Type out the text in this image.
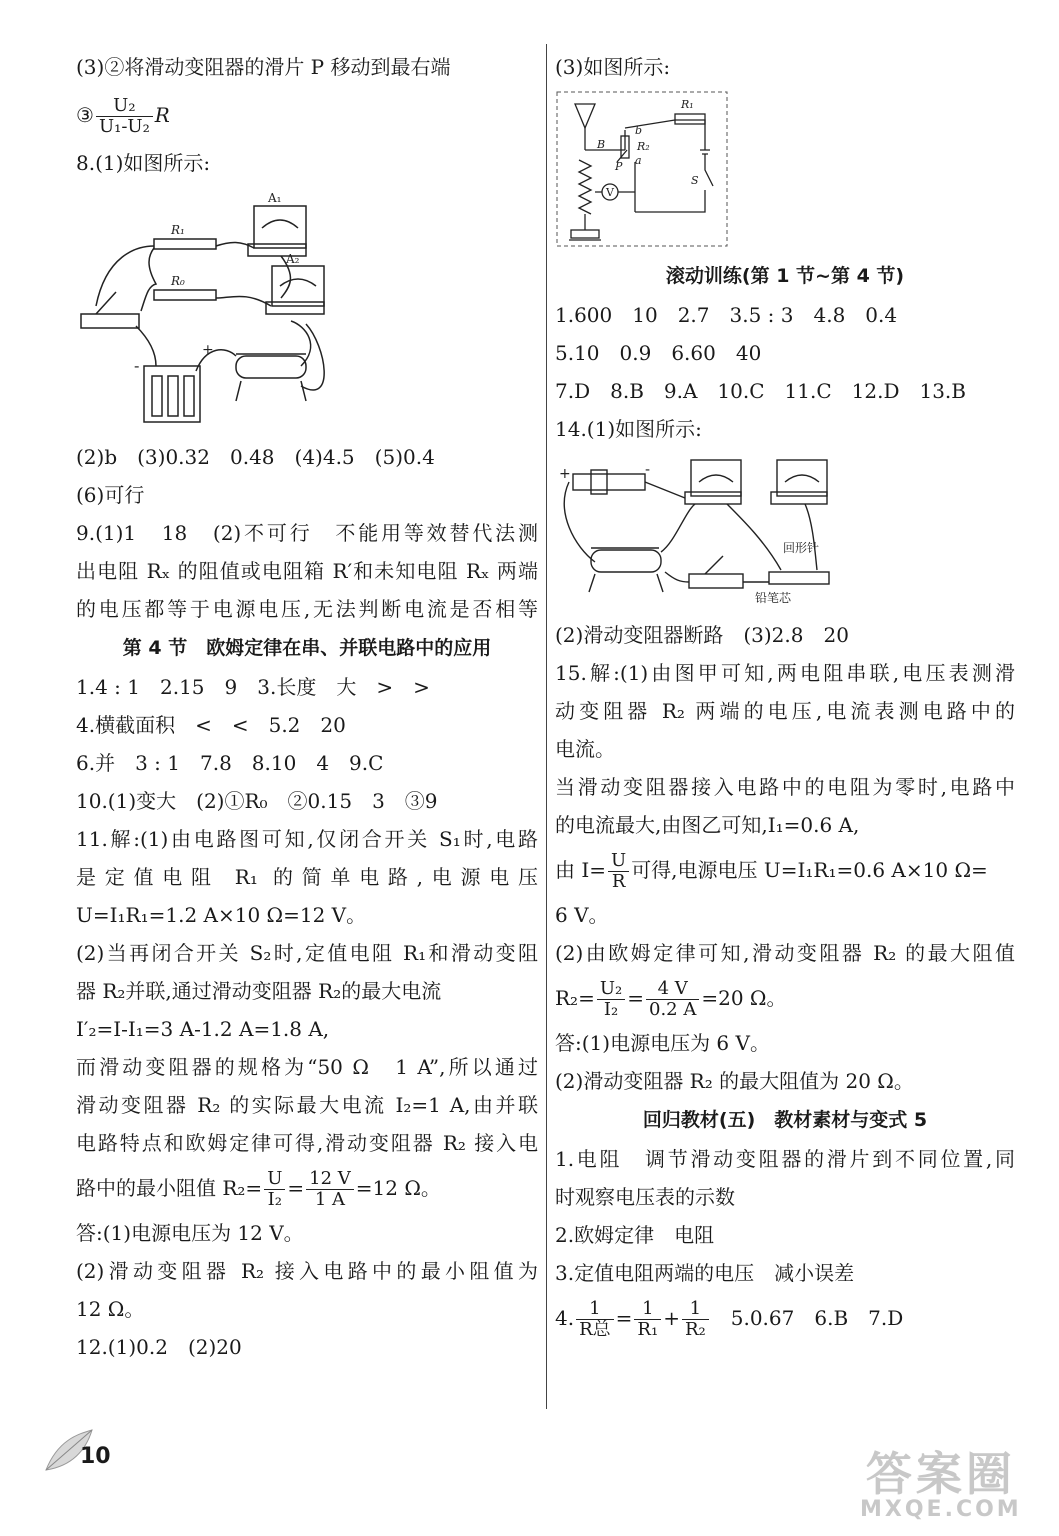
(3)②将滑动变阻器的滑片 P 移动到最右端
③ $\frac{\text{U₂}}{\text{U₁-U₂}}$ R
8.(1)如图所示:
R₁
R₀
A₁
A₂
-
+
(2)b　(3)0.32　0.48　(4)4.5　(5)0.4
(6)可行
9.(1)1　18　(2)不可行　不能用等效替代法测
出电阻 Rₓ 的阻值或电阻箱 R′和未知电阻 Rₓ 两端
的电压都等于电源电压,无法判断电流是否相等
第 4 节　欧姆定律在串、并联电路中的应用
1.4 : 1　2.15　9　3.长度　大　>　>
4.横截面积　<　<　5.2　20
6.并　3 : 1　7.8　8.10　4　9.C
10.(1)变大　(2)①R₀　②0.15　3　③9
11.解:(1)由电路图可知,仅闭合开关 S₁时,电路
是定值电阻 R₁ 的简单电路,电源电压
U=I₁R₁=1.2 A×10 Ω=12 V。
(2)当再闭合开关 S₂时,定值电阻 R₁和滑动变阻
器 R₂并联,通过滑动变阻器 R₂的最大电流
I′₂=I-I₁=3 A-1.2 A=1.8 A,
而滑动变阻器的规格为“50 Ω　1 A”,所以通过
滑动变阻器 R₂ 的实际最大电流 I₂=1 A,由并联
电路特点和欧姆定律可得,滑动变阻器 R₂ 接入电
路中的最小阻值 $R_2= \frac{U}{\text{I₂}} = \frac{12 V}{1 A} =12$ Ω。
答:(1)电源电压为 12 V。
(2)滑动变阻器 R₂ 接入电路中的最小阻值为
12 Ω。
12.(1)0.2　(2)20
(3)如图所示:
R₁
R₂
b
a
B
P
V
S
滚动训练(第 1 节~第 4 节)
1.600　10　2.7　3.5 : 3　4.8　0.4
5.10　0.9　6.60　40
7.D　8.B　9.A　10.C　11.C　12.D　13.B
14.(1)如图所示:
+	-
回形针
铅笔芯
(2)滑动变阻器断路　(3)2.8　20
15.解:(1)由图甲可知,两电阻串联,电压表测滑
动变阻器 R₂ 两端的电压,电流表测电路中的
电流。
当滑动变阻器接入电路中的电阻为零时,电路中
的电流最大,由图乙可知,I₁=0.6 A,
由 $I= \frac{U}{R}$ 可得,电源电压 U=I₁R₁=0.6 A×10 Ω=
6 V。
(2)由欧姆定律可知,滑动变阻器 R₂ 的最大阻值
$R_2= \frac{\text{U₂}}{\text{I₂}} = \frac{4 V}{0.2 A} =20$ Ω。
答:(1)电源电压为 6 V。
(2)滑动变阻器 R₂ 的最大阻值为 20 Ω。
回归教材(五)　教材素材与变式 5
1.电阻　调节滑动变阻器的滑片到不同位置,同
时观察电压表的示数
2.欧姆定律　电阻
3.定值电阻两端的电压　减小误差
4. $\frac{1}{\text{R总}} = \frac{1}{\text{R₁}} + \frac{1}{\text{R₂}}$ 　5.0.67　6.B　7.D
10	答案圈
MXQE.COM
